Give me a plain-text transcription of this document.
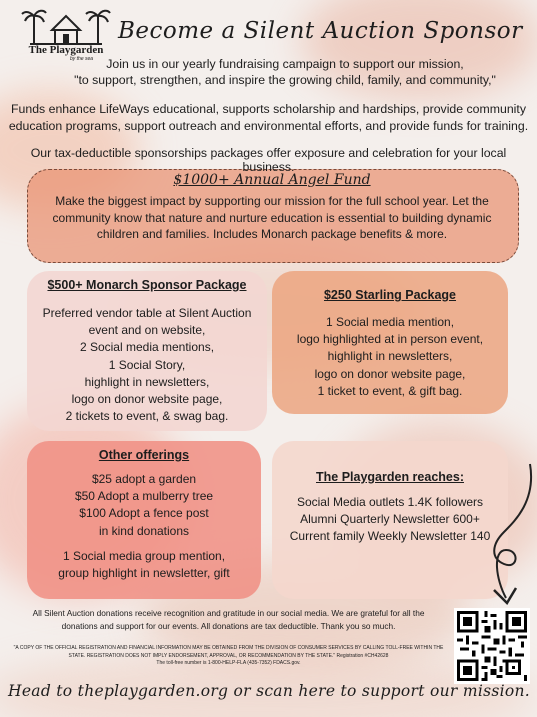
The Playgarden
by the sea
Become a Silent Auction Sponsor
Join us in our yearly fundraising campaign to support our mission,
"to support, strengthen, and inspire the growing child, family, and community,"
Funds enhance LifeWays educational, supports scholarship and hardships, provide community
education programs, support outreach and environmental efforts, and provide funds for training.
Our tax-deductible sponsorships packages offer exposure and celebration for your local business.
$1000+ Annual Angel Fund
Make the biggest impact by supporting our mission for the full school year. Let the
community know that nature and nurture education is essential to building dynamic
children and families. Includes Monarch package benefits & more.
$500+ Monarch Sponsor Package
Preferred vendor table at Silent Auction
event and on website,
2 Social media mentions,
1 Social Story,
highlight in newsletters,
logo on donor website page,
2 tickets to event, & swag bag.
$250 Starling Package
1 Social media mention,
logo highlighted at in person event,
highlight in newsletters,
logo on donor website page,
1 ticket to event, & gift bag.
Other offerings
$25 adopt a garden
$50 Adopt a mulberry tree
$100 Adopt a fence post
in kind donations
1 Social media group mention,
group highlight in newsletter, gift
The Playgarden reaches:
Social Media outlets 1.4K followers
Alumni Quarterly Newsletter 600+
Current family Weekly Newsletter 140
All Silent Auction donations receive recognition and gratitude in our social media. We are grateful for all the
donations and support for our events. All donations are tax deductible. Thank you so much.
"A COPY OF THE OFFICIAL REGISTRATION AND FINANCIAL INFORMATION MAY BE OBTAINED FROM THE DIVISION OF CONSUMER SERVICES BY CALLING TOLL-FREE WITHIN THE
STATE. REGISTRATION DOES NOT IMPLY ENDORSEMENT, APPROVAL, OR RECOMMENDATION BY THE STATE." Registration #CH42628
The toll-free number is 1-800-HELP-FLA (435-7352) FDACS.gov.
Head to theplaygarden.org or scan here to support our mission.
